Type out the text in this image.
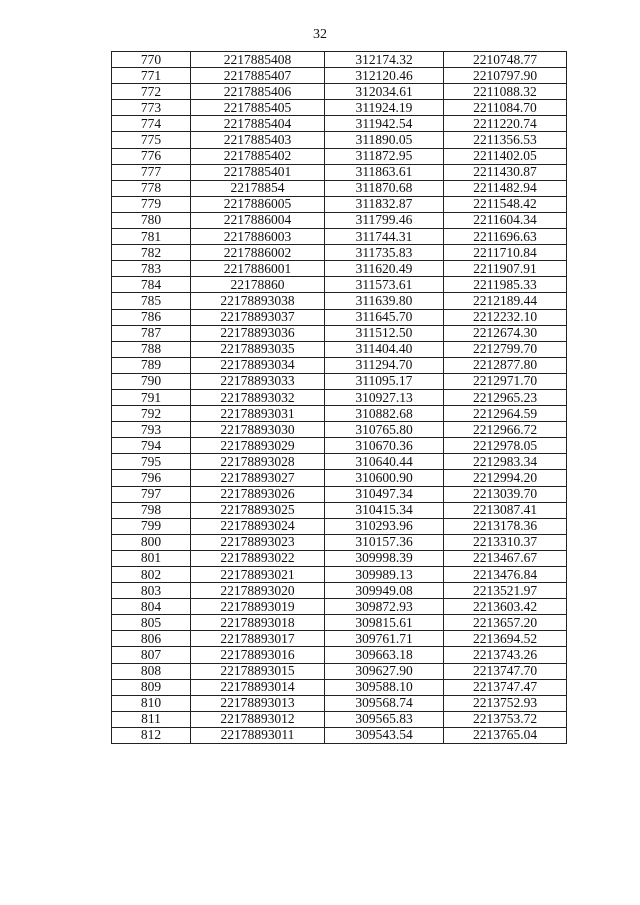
32
770	2217885408	312174.32	2210748.77
771	2217885407	312120.46	2210797.90
772	2217885406	312034.61	2211088.32
773	2217885405	311924.19	2211084.70
774	2217885404	311942.54	2211220.74
775	2217885403	311890.05	2211356.53
776	2217885402	311872.95	2211402.05
777	2217885401	311863.61	2211430.87
778	22178854	311870.68	2211482.94
779	2217886005	311832.87	2211548.42
780	2217886004	311799.46	2211604.34
781	2217886003	311744.31	2211696.63
782	2217886002	311735.83	2211710.84
783	2217886001	311620.49	2211907.91
784	22178860	311573.61	2211985.33
785	22178893038	311639.80	2212189.44
786	22178893037	311645.70	2212232.10
787	22178893036	311512.50	2212674.30
788	22178893035	311404.40	2212799.70
789	22178893034	311294.70	2212877.80
790	22178893033	311095.17	2212971.70
791	22178893032	310927.13	2212965.23
792	22178893031	310882.68	2212964.59
793	22178893030	310765.80	2212966.72
794	22178893029	310670.36	2212978.05
795	22178893028	310640.44	2212983.34
796	22178893027	310600.90	2212994.20
797	22178893026	310497.34	2213039.70
798	22178893025	310415.34	2213087.41
799	22178893024	310293.96	2213178.36
800	22178893023	310157.36	2213310.37
801	22178893022	309998.39	2213467.67
802	22178893021	309989.13	2213476.84
803	22178893020	309949.08	2213521.97
804	22178893019	309872.93	2213603.42
805	22178893018	309815.61	2213657.20
806	22178893017	309761.71	2213694.52
807	22178893016	309663.18	2213743.26
808	22178893015	309627.90	2213747.70
809	22178893014	309588.10	2213747.47
810	22178893013	309568.74	2213752.93
811	22178893012	309565.83	2213753.72
812	22178893011	309543.54	2213765.04
